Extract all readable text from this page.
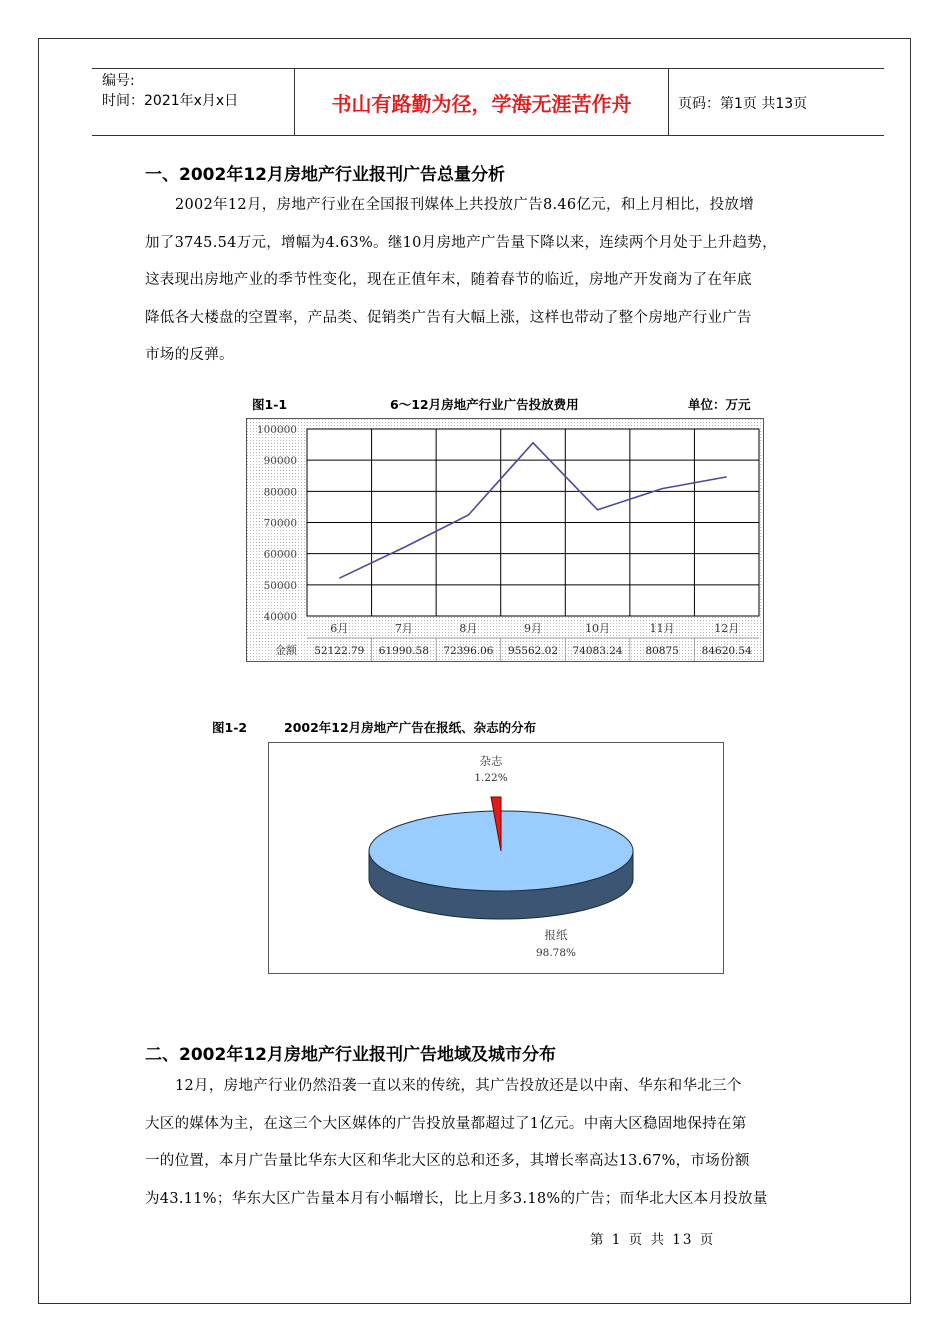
编号:
时间：2021年x月x日	书山有路勤为径，学海无涯苦作舟	页码：第1页 共13页
一、2002年12月房地产行业报刊广告总量分析
2002年12月，房地产行业在全国报刊媒体上共投放广告8.46亿元，和上月相比，投放增
加了3745.54万元，增幅为4.63%。继10月房地产广告量下降以来，连续两个月处于上升趋势，
这表现出房地产业的季节性变化，现在正值年末，随着春节的临近，房地产开发商为了在年底
降低各大楼盘的空置率，产品类、促销类广告有大幅上涨，这样也带动了整个房地产行业广告
市场的反弹。
图1-1	6～12月房地产行业广告投放费用	单位：万元
100000
90000
80000
70000
60000
50000
40000
6月	7月	8月	9月	10月	11月	12月
金额 52122.79 61990.58 72396.06 95562.02 74083.24 80875 84620.54
图1-2	2002年12月房地产广告在报纸、杂志的分布
杂志
1.22%
报纸
98.78%
二、2002年12月房地产行业报刊广告地域及城市分布
12月，房地产行业仍然沿袭一直以来的传统，其广告投放还是以中南、华东和华北三个
大区的媒体为主，在这三个大区媒体的广告投放量都超过了1亿元。中南大区稳固地保持在第
一的位置，本月广告量比华东大区和华北大区的总和还多，其增长率高达13.67%，市场份额
为43.11%；华东大区广告量本月有小幅增长，比上月多3.18%的广告；而华北大区本月投放量
第 1 页 共 13 页
